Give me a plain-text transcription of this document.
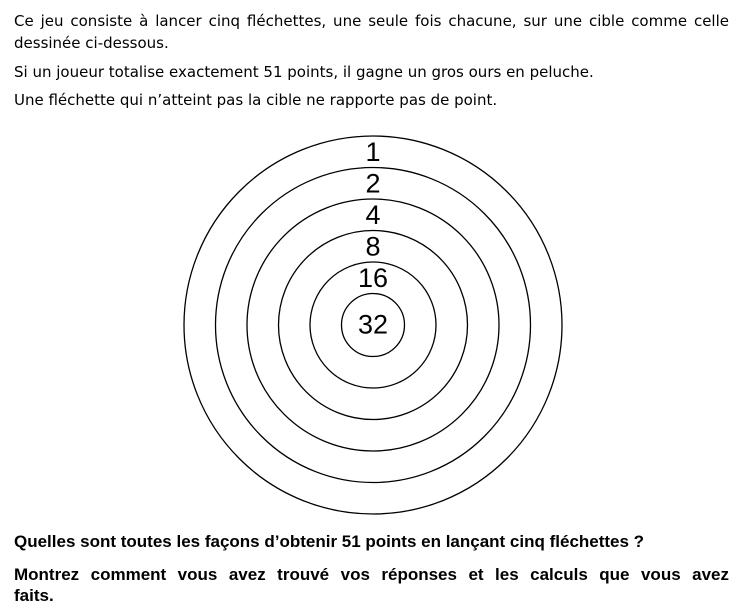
Ce jeu consiste à lancer cinq fléchettes, une seule fois chacune, sur une cible comme celle
dessinée ci-dessous.
Si un joueur totalise exactement 51 points, il gagne un gros ours en peluche.
Une fléchette qui n’atteint pas la cible ne rapporte pas de point.
1
2
4
8
16
32
Quelles sont toutes les façons d’obtenir 51 points en lançant cinq fléchettes ?
Montrez comment vous avez trouvé vos réponses et les calculs que vous avez
faits.
